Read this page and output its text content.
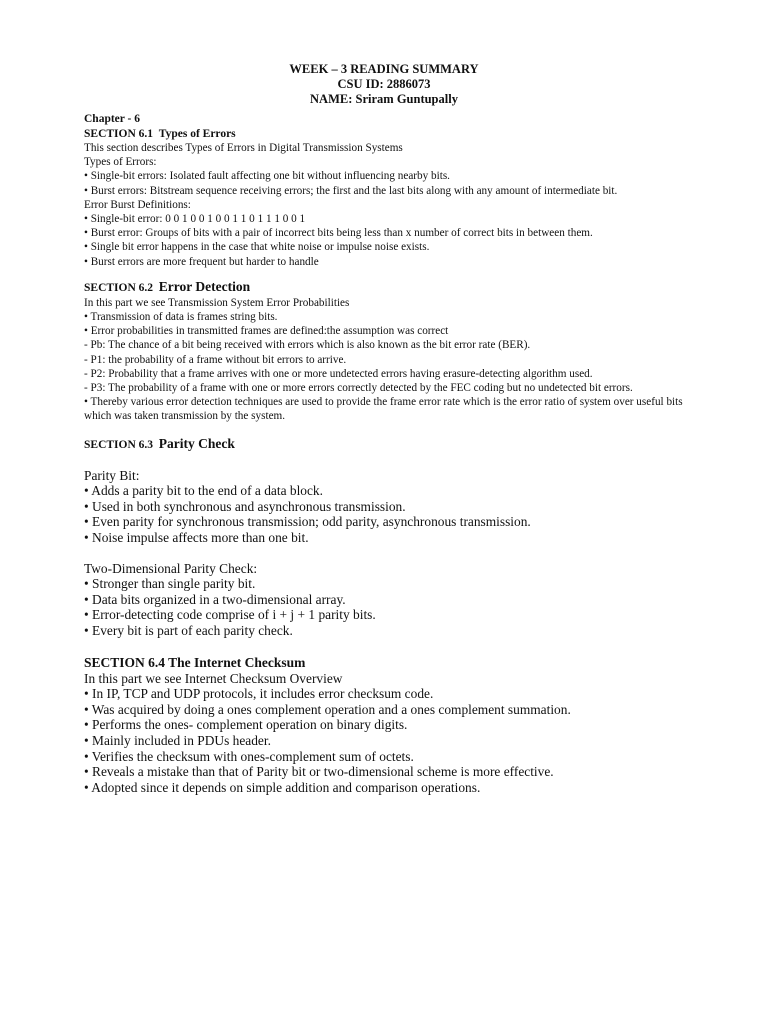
WEEK – 3 READING SUMMARY
CSU ID: 2886073
NAME: Sriram Guntupally
Chapter - 6
SECTION 6.1 Types of Errors
This section describes Types of Errors in Digital Transmission Systems
Types of Errors:
• Single-bit errors: Isolated fault affecting one bit without influencing nearby bits.
• Burst errors: Bitstream sequence receiving errors; the first and the last bits along with any amount of intermediate bit.
Error Burst Definitions:
• Single-bit error: 0 0 1 0 0 1 0 0 1 1 0 1 1 1 0 0 1
• Burst error: Groups of bits with a pair of incorrect bits being less than x number of correct bits in between them.
• Single bit error happens in the case that white noise or impulse noise exists.
• Burst errors are more frequent but harder to handle
SECTION 6.2 Error Detection
In this part we see Transmission System Error Probabilities
• Transmission of data is frames string bits.
• Error probabilities in transmitted frames are defined:the assumption was correct
- Pb: The chance of a bit being received with errors which is also known as the bit error rate (BER).
- P1: the probability of a frame without bit errors to arrive.
- P2: Probability that a frame arrives with one or more undetected errors having erasure-detecting algorithm used.
- P3: The probability of a frame with one or more errors correctly detected by the FEC coding but no undetected bit errors.
• Thereby various error detection techniques are used to provide the frame error rate which is the error ratio of system over useful bits which was taken transmission by the system.
SECTION 6.3 Parity Check
Parity Bit:
• Adds a parity bit to the end of a data block.
• Used in both synchronous and asynchronous transmission.
• Even parity for synchronous transmission; odd parity, asynchronous transmission.
• Noise impulse affects more than one bit.
Two-Dimensional Parity Check:
• Stronger than single parity bit.
• Data bits organized in a two-dimensional array.
• Error-detecting code comprise of i + j + 1 parity bits.
• Every bit is part of each parity check.
SECTION 6.4 The Internet Checksum
In this part we see Internet Checksum Overview
• In IP, TCP and UDP protocols, it includes error checksum code.
• Was acquired by doing a ones complement operation and a ones complement summation.
• Performs the ones- complement operation on binary digits.
• Mainly included in PDUs header.
• Verifies the checksum with ones-complement sum of octets.
• Reveals a mistake than that of Parity bit or two-dimensional scheme is more effective.
• Adopted since it depends on simple addition and comparison operations.
